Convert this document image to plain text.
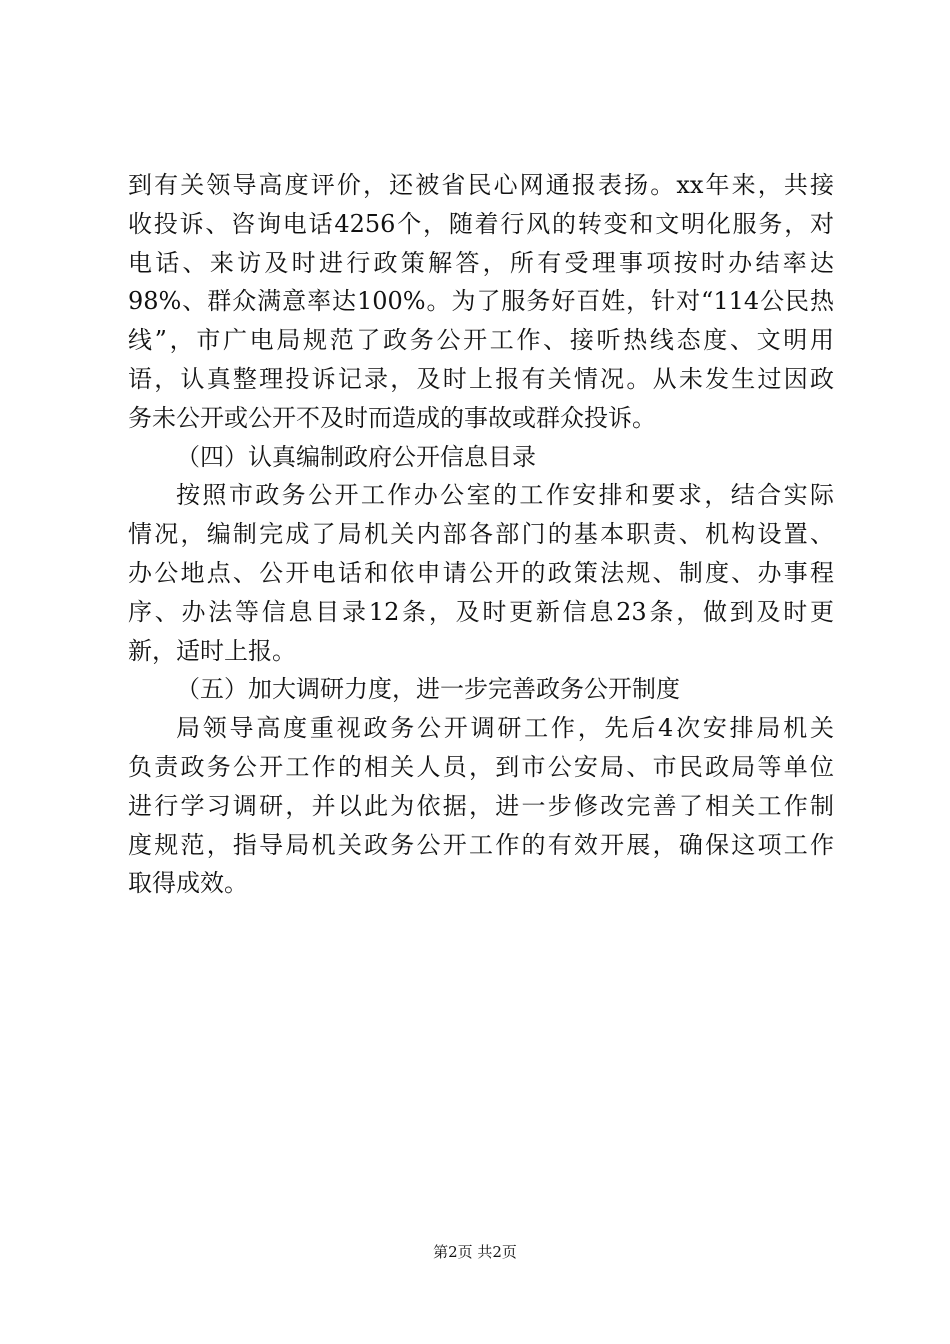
到有关领导高度评价，还被省民心网通报表扬。xx年来，共接
收投诉、咨询电话4256个，随着行风的转变和文明化服务，对
电话、来访及时进行政策解答，所有受理事项按时办结率达
98%、群众满意率达100%。为了服务好百姓，针对“114公民热
线”，市广电局规范了政务公开工作、接听热线态度、文明用
语，认真整理投诉记录，及时上报有关情况。从未发生过因政
务未公开或公开不及时而造成的事故或群众投诉。
（四）认真编制政府公开信息目录
按照市政务公开工作办公室的工作安排和要求，结合实际
情况，编制完成了局机关内部各部门的基本职责、机构设置、
办公地点、公开电话和依申请公开的政策法规、制度、办事程
序、办法等信息目录12条，及时更新信息23条，做到及时更
新，适时上报。
（五）加大调研力度，进一步完善政务公开制度
局领导高度重视政务公开调研工作，先后4次安排局机关
负责政务公开工作的相关人员，到市公安局、市民政局等单位
进行学习调研，并以此为依据，进一步修改完善了相关工作制
度规范，指导局机关政务公开工作的有效开展，确保这项工作
取得成效。
第2页 共2页
